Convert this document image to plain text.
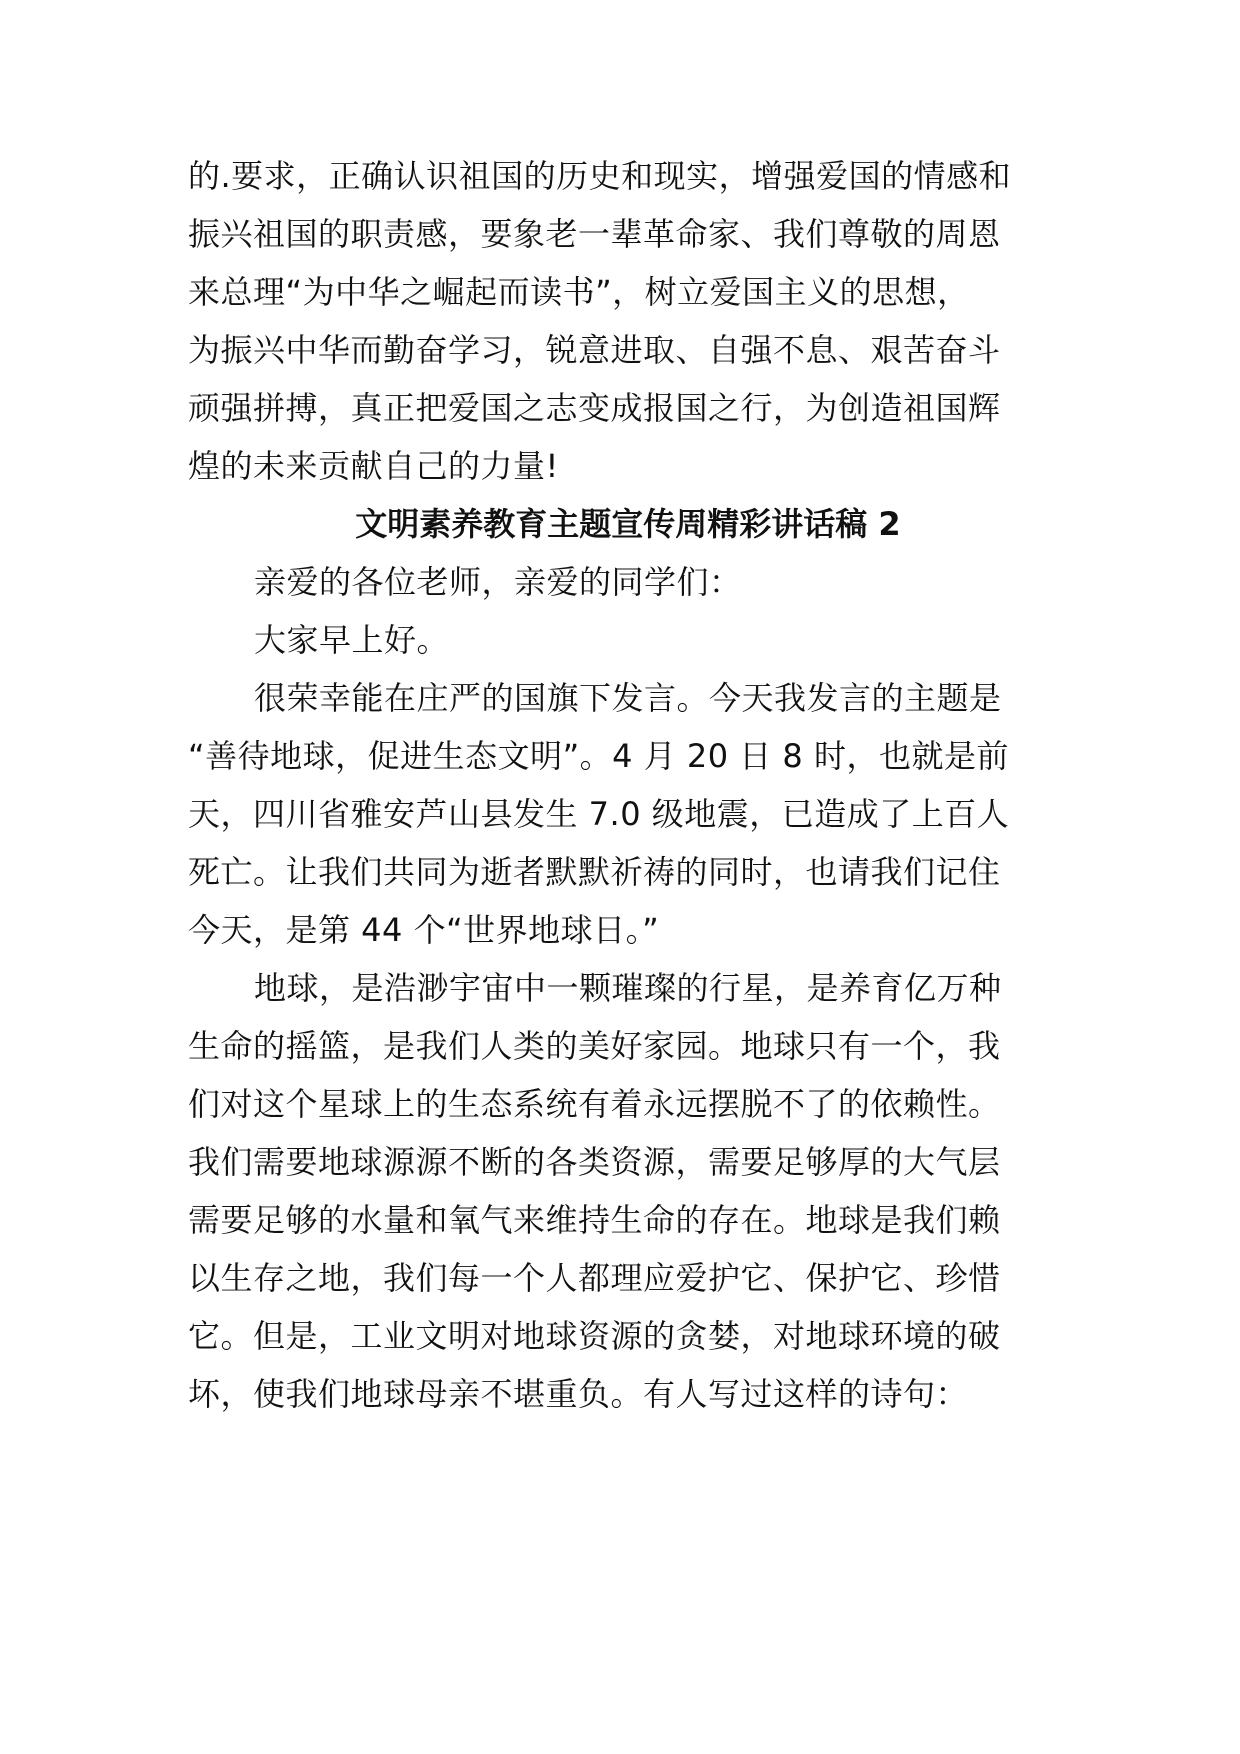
的.要求，正确认识祖国的历史和现实，增强爱国的情感和
振兴祖国的职责感，要象老一辈革命家、我们尊敬的周恩
来总理“为中华之崛起而读书”，树立爱国主义的思想，
为振兴中华而勤奋学习，锐意进取、自强不息、艰苦奋斗
顽强拼搏，真正把爱国之志变成报国之行，为创造祖国辉
煌的未来贡献自己的力量!
文明素养教育主题宣传周精彩讲话稿 2
亲爱的各位老师，亲爱的同学们：
大家早上好。
很荣幸能在庄严的国旗下发言。今天我发言的主题是
“善待地球，促进生态文明”。4 月 20 日 8 时，也就是前
天，四川省雅安芦山县发生 7.0 级地震，已造成了上百人
死亡。让我们共同为逝者默默祈祷的同时，也请我们记住
今天，是第 44 个“世界地球日。”
地球，是浩渺宇宙中一颗璀璨的行星，是养育亿万种
生命的摇篮，是我们人类的美好家园。地球只有一个，我
们对这个星球上的生态系统有着永远摆脱不了的依赖性。
我们需要地球源源不断的各类资源，需要足够厚的大气层
需要足够的水量和氧气来维持生命的存在。地球是我们赖
以生存之地，我们每一个人都理应爱护它、保护它、珍惜
它。但是，工业文明对地球资源的贪婪，对地球环境的破
坏，使我们地球母亲不堪重负。有人写过这样的诗句：
